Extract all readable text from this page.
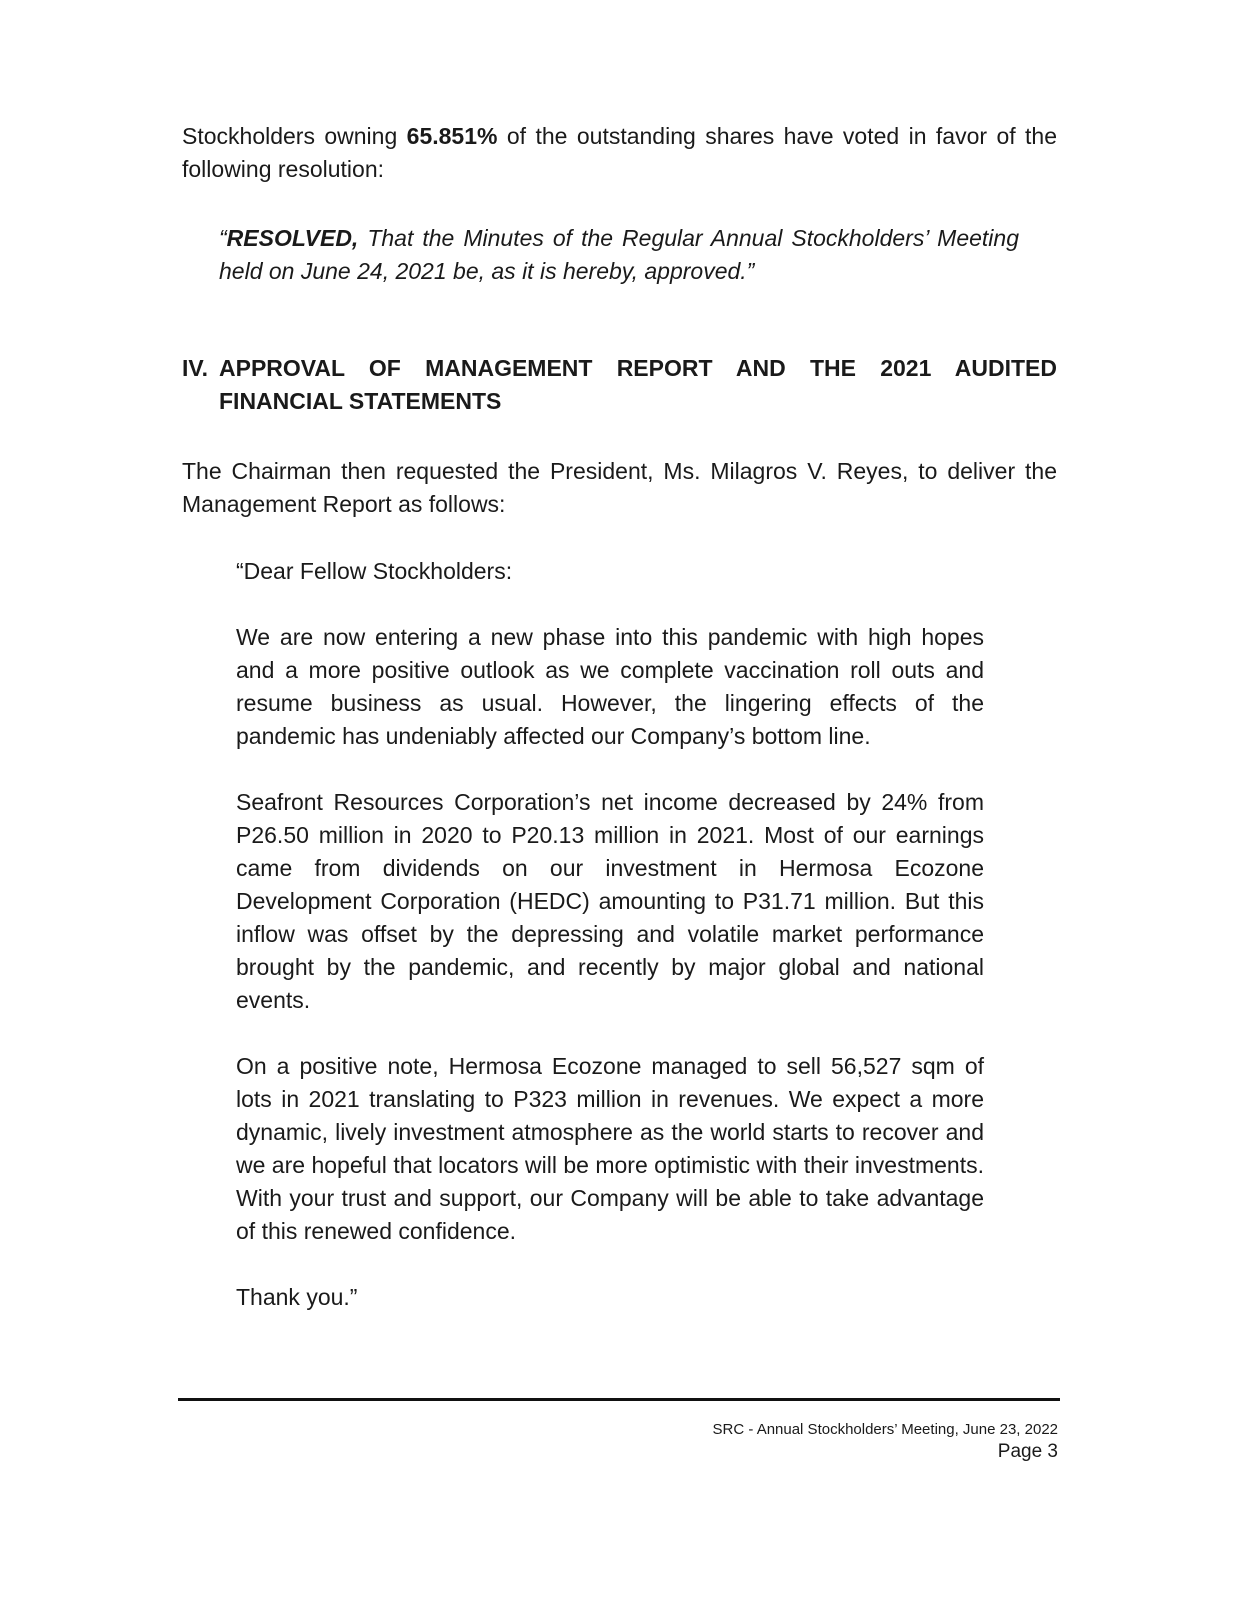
Stockholders owning 65.851% of the outstanding shares have voted in favor of the following resolution:

“RESOLVED, That the Minutes of the Regular Annual Stockholders’ Meeting held on June 24, 2021 be, as it is hereby, approved.”

IV. APPROVAL OF MANAGEMENT REPORT AND THE 2021 AUDITED
FINANCIAL STATEMENTS

The Chairman then requested the President, Ms. Milagros V. Reyes, to deliver the Management Report as follows:

“Dear Fellow Stockholders:

We are now entering a new phase into this pandemic with high hopes and a more positive outlook as we complete vaccination roll outs and resume business as usual. However, the lingering effects of the pandemic has undeniably affected our Company’s bottom line.

Seafront Resources Corporation’s net income decreased by 24% from P26.50 million in 2020 to P20.13 million in 2021. Most of our earnings came from dividends on our investment in Hermosa Ecozone Development Corporation (HEDC) amounting to P31.71 million. But this inflow was offset by the depressing and volatile market performance brought by the pandemic, and recently by major global and national events.

On a positive note, Hermosa Ecozone managed to sell 56,527 sqm of lots in 2021 translating to P323 million in revenues. We expect a more dynamic, lively investment atmosphere as the world starts to recover and we are hopeful that locators will be more optimistic with their investments. With your trust and support, our Company will be able to take advantage of this renewed confidence.

Thank you.”

SRC - Annual Stockholders’ Meeting, June 23, 2022
Page 3
